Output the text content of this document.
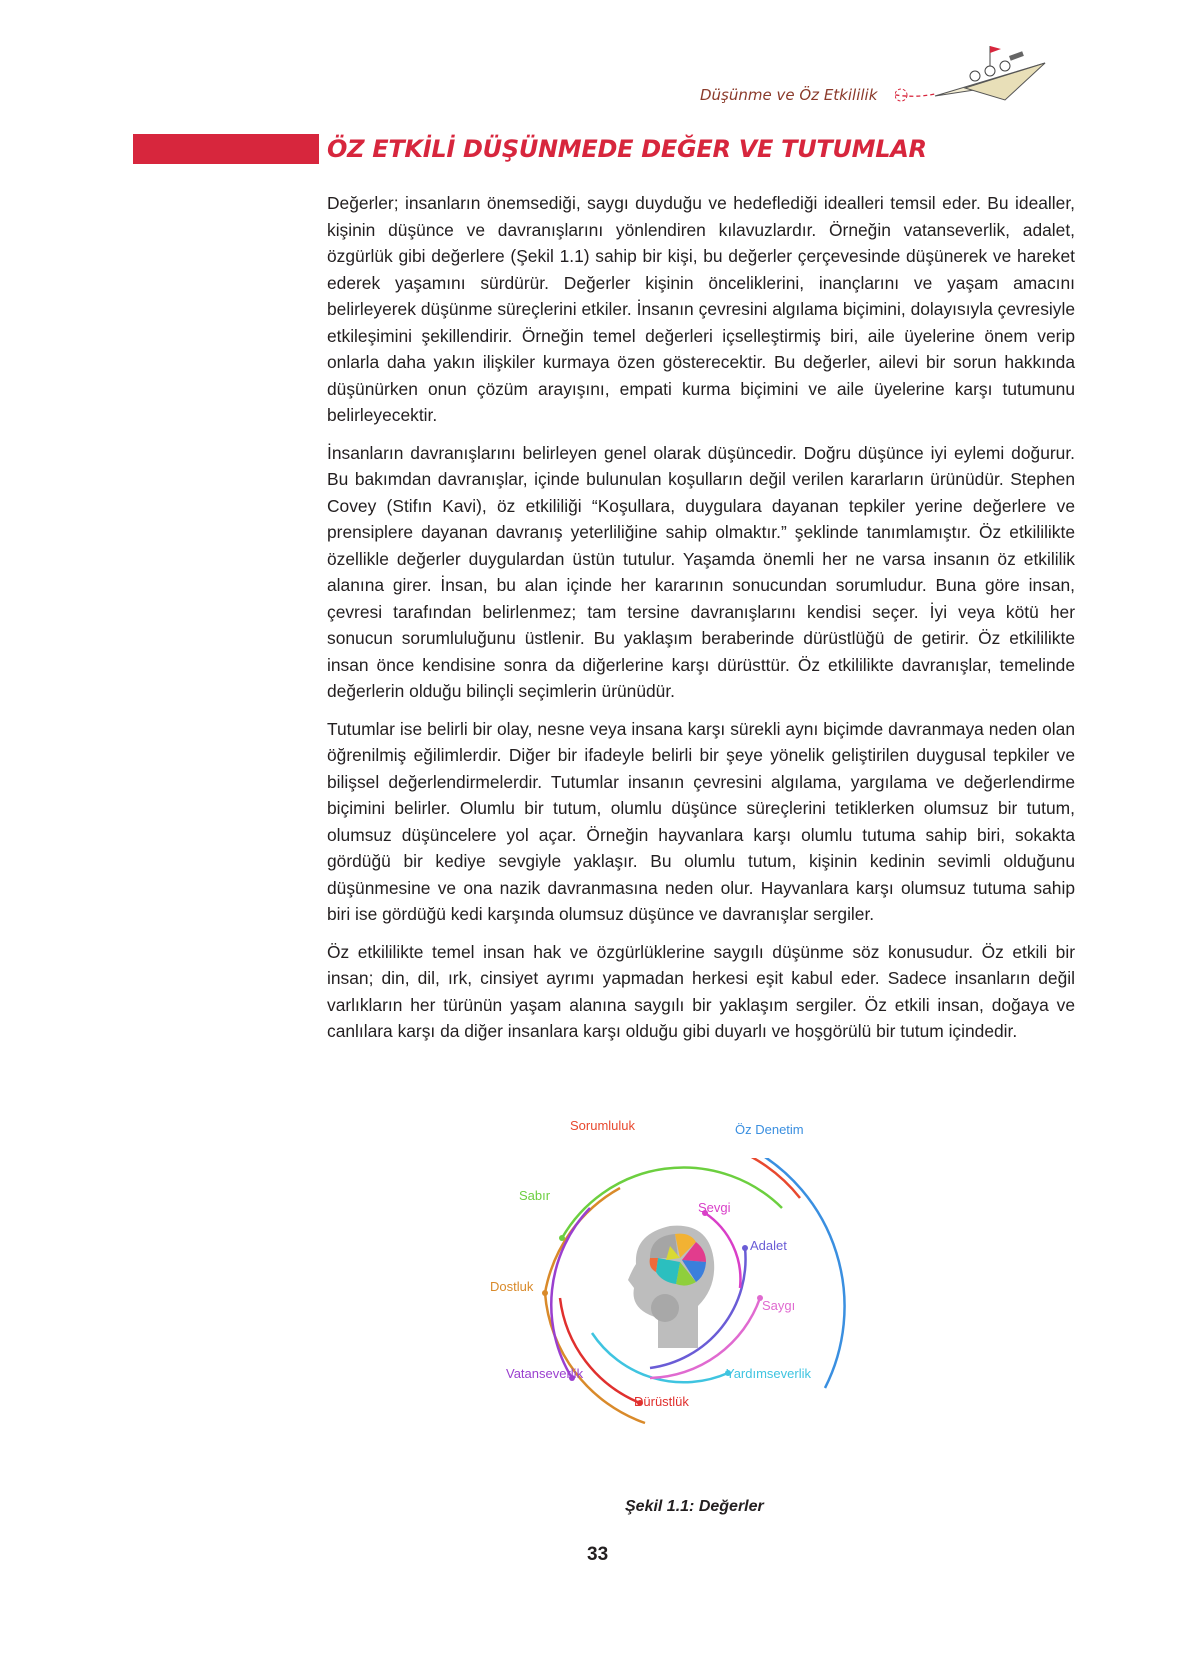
Düşünme ve Öz Etkililik
ÖZ ETKİLİ DÜŞÜNMEDE DEĞER VE TUTUMLAR

Değerler; insanların önemsediği, saygı duyduğu ve hedeflediği idealleri temsil eder. Bu idealler, kişinin düşünce ve davranışlarını yönlendiren kılavuzlardır. Örneğin vatanseverlik, adalet, özgürlük gibi değerlere (Şekil 1.1) sahip bir kişi, bu değerler çerçevesinde düşünerek ve hareket ederek yaşamını sürdürür. Değerler kişinin önceliklerini, inançlarını ve yaşam amacını belirleyerek düşünme süreçlerini etkiler. İnsanın çevresini algılama biçimini, dolayısıyla çevresiyle etkileşimini şekillendirir. Örneğin temel değerleri içselleştirmiş biri, aile üyelerine önem verip onlarla daha yakın ilişkiler kurmaya özen gösterecektir. Bu değerler, ailevi bir sorun hakkında düşünürken onun çözüm arayışını, empati kurma biçimini ve aile üyelerine karşı tutumunu belirleyecektir.

İnsanların davranışlarını belirleyen genel olarak düşüncedir. Doğru düşünce iyi eylemi doğurur. Bu bakımdan davranışlar, içinde bulunulan koşulların değil verilen kararların ürünüdür. Stephen Covey (Stifın Kavi), öz etkililiği “Koşullara, duygulara dayanan tepkiler yerine değerlere ve prensiplere dayanan davranış yeterliliğine sahip olmaktır.” şeklinde tanımlamıştır. Öz etkililikte özellikle değerler duygulardan üstün tutulur. Yaşamda önemli her ne varsa insanın öz etkililik alanına girer. İnsan, bu alan içinde her kararının sonucundan sorumludur. Buna göre insan, çevresi tarafından belirlenmez; tam tersine davranışlarını kendisi seçer. İyi veya kötü her sonucun sorumluluğunu üstlenir. Bu yaklaşım beraberinde dürüstlüğü de getirir. Öz etkililikte insan önce kendisine sonra da diğerlerine karşı dürüsttür. Öz etkililikte davranışlar, temelinde değerlerin olduğu bilinçli seçimlerin ürünüdür.

Tutumlar ise belirli bir olay, nesne veya insana karşı sürekli aynı biçimde davranmaya neden olan öğrenilmiş eğilimlerdir. Diğer bir ifadeyle belirli bir şeye yönelik geliştirilen duygusal tepkiler ve bilişsel değerlendirmelerdir. Tutumlar insanın çevresini algılama, yargılama ve değerlendirme biçimini belirler. Olumlu bir tutum, olumlu düşünce süreçlerini tetiklerken olumsuz bir tutum, olumsuz düşüncelere yol açar. Örneğin hayvanlara karşı olumlu tutuma sahip biri, sokakta gördüğü bir kediye sevgiyle yaklaşır. Bu olumlu tutum, kişinin kedinin sevimli olduğunu düşünmesine ve ona nazik davranmasına neden olur. Hayvanlara karşı olumsuz tutuma sahip biri ise gördüğü kedi karşında olumsuz düşünce ve davranışlar sergiler.

Öz etkililikte temel insan hak ve özgürlüklerine saygılı düşünme söz konusudur. Öz etkili bir insan; din, dil, ırk, cinsiyet ayrımı yapmadan herkesi eşit kabul eder. Sadece insanların değil varlıkların her türünün yaşam alanına saygılı bir yaklaşım sergiler. Öz etkili insan, doğaya ve canlılara karşı da diğer insanlara karşı olduğu gibi duyarlı ve hoşgörülü bir tutum içindedir.

Sorumluluk	Öz Denetim
Sabır
Sevgi
Adalet
Dostluk
Saygı
Vatanseverlik	Yardımseverlik
Dürüstlük
Şekil 1.1: Değerler
33
